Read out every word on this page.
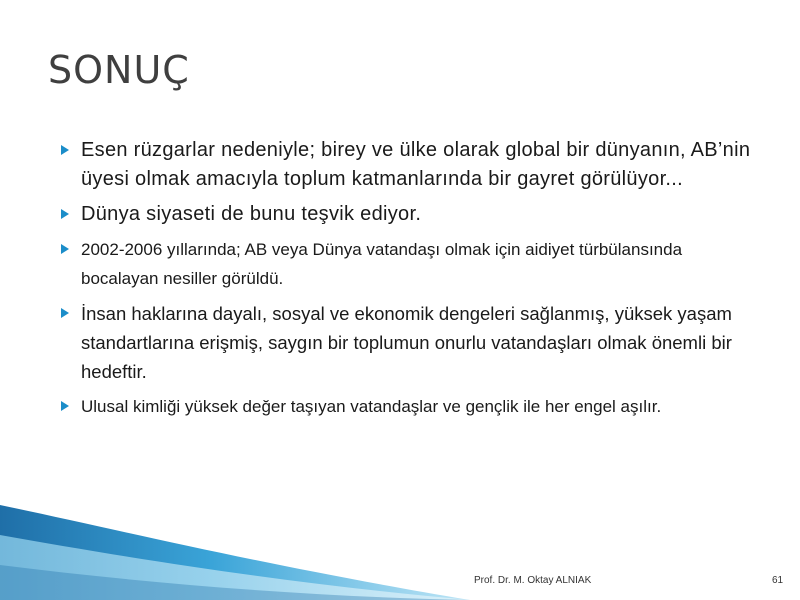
SONUÇ
Esen rüzgarlar nedeniyle; birey ve ülke olarak global bir dünyanın, AB’nin üyesi olmak amacıyla toplum katmanlarında bir gayret görülüyor...
Dünya siyaseti de bunu teşvik ediyor.
2002-2006 yıllarında; AB veya Dünya vatandaşı olmak için aidiyet türbülansında bocalayan nesiller görüldü.
İnsan haklarına dayalı, sosyal ve ekonomik dengeleri sağlanmış, yüksek yaşam standartlarına erişmiş, saygın bir toplumun onurlu vatandaşları olmak önemli bir hedeftir.
Ulusal kimliği yüksek değer taşıyan vatandaşlar ve gençlik ile her engel aşılır.
Prof. Dr. M. Oktay ALNIAK	61
